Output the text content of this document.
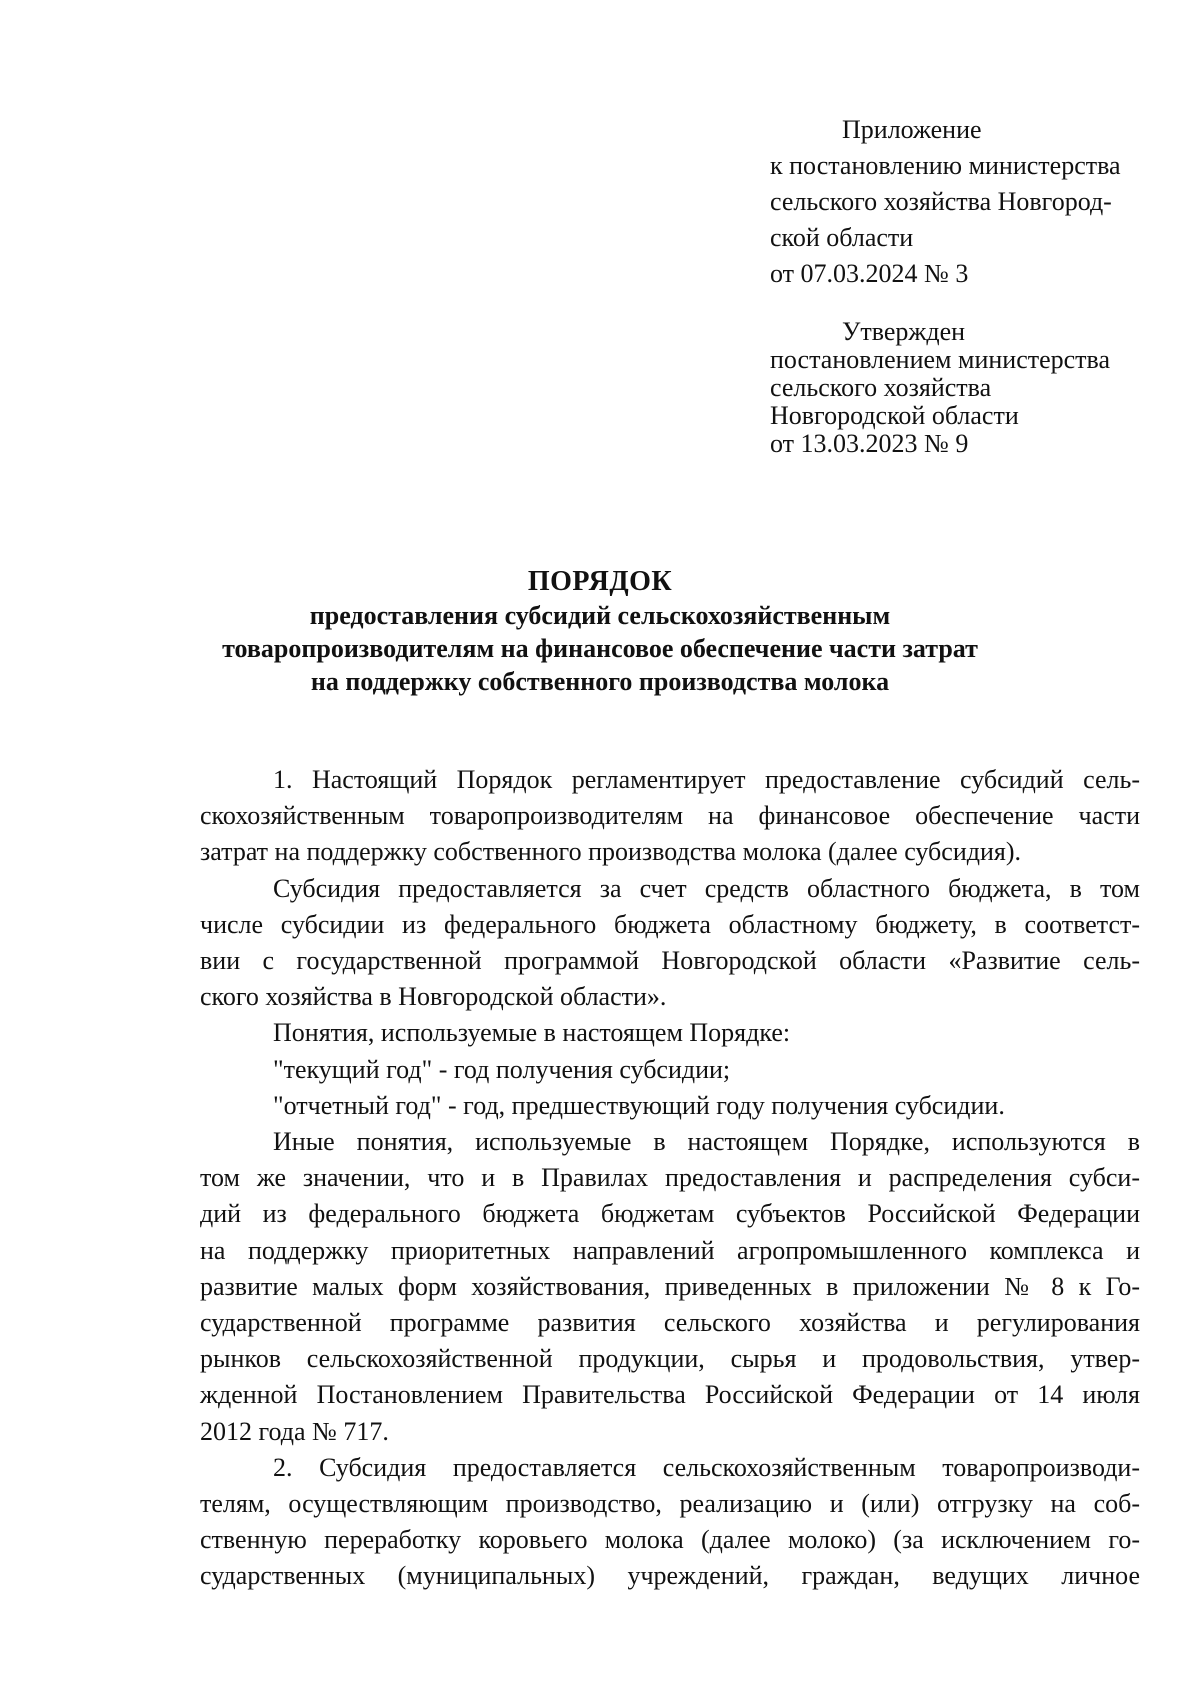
Приложение
к постановлению министерства
сельского хозяйства Новгород-
ской области
от 07.03.2024 № 3
Утвержден
постановлением министерства
сельского хозяйства
Новгородской области
от 13.03.2023 № 9
ПОРЯДОК
предоставления субсидий сельскохозяйственным
товаропроизводителям на финансовое обеспечение части затрат
на поддержку собственного производства молока
1. Настоящий Порядок регламентирует предоставление субсидий сель-
скохозяйственным товаропроизводителям на финансовое обеспечение части
затрат на поддержку собственного производства молока (далее субсидия).
Субсидия предоставляется за счет средств областного бюджета, в том
числе субсидии из федерального бюджета областному бюджету, в соответст-
вии с государственной программой Новгородской области «Развитие сель-
ского хозяйства в Новгородской области».
Понятия, используемые в настоящем Порядке:
"текущий год" - год получения субсидии;
"отчетный год" - год, предшествующий году получения субсидии.
Иные понятия, используемые в настоящем Порядке, используются в
том же значении, что и в Правилах предоставления и распределения субси-
дий из федерального бюджета бюджетам субъектов Российской Федерации
на поддержку приоритетных направлений агропромышленного комплекса и
развитие малых форм хозяйствования, приведенных в приложении № 8 к Го-
сударственной программе развития сельского хозяйства и регулирования
рынков сельскохозяйственной продукции, сырья и продовольствия, утвер-
жденной Постановлением Правительства Российской Федерации от 14 июля
2012 года № 717.
2. Субсидия предоставляется сельскохозяйственным товаропроизводи-
телям, осуществляющим производство, реализацию и (или) отгрузку на соб-
ственную переработку коровьего молока (далее молоко) (за исключением го-
сударственных (муниципальных) учреждений, граждан, ведущих личное
